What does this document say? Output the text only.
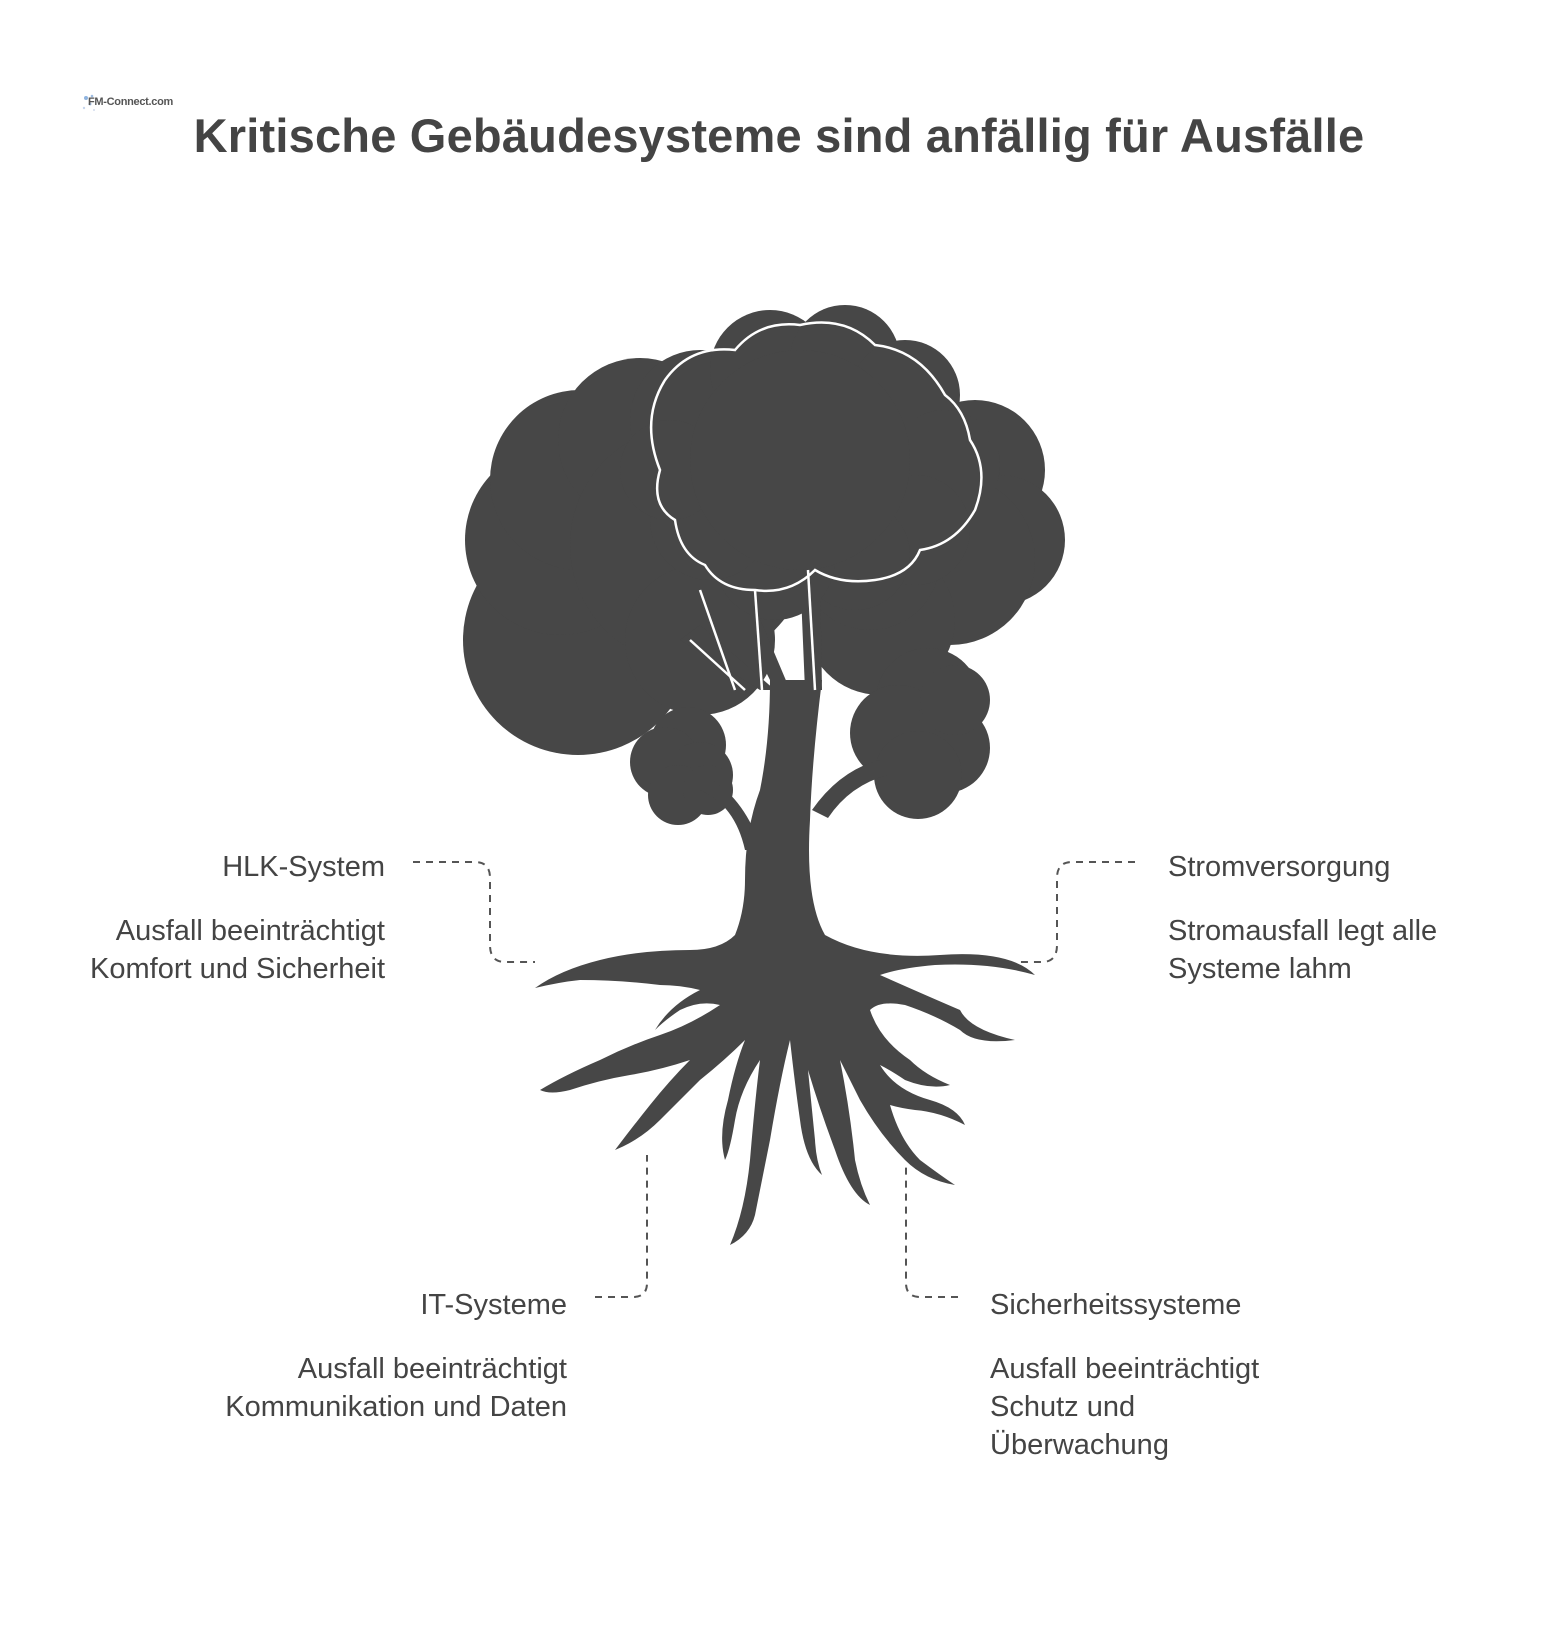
FM-Connect.com
Kritische Gebäudesysteme sind anfällig für Ausfälle
HLK-System
Ausfall beeinträchtigt Komfort und Sicherheit
Stromversorgung
Stromausfall legt alle Systeme lahm
IT-Systeme
Ausfall beeinträchtigt Kommunikation und Daten
Sicherheitssysteme
Ausfall beeinträchtigt Schutz und Überwachung
